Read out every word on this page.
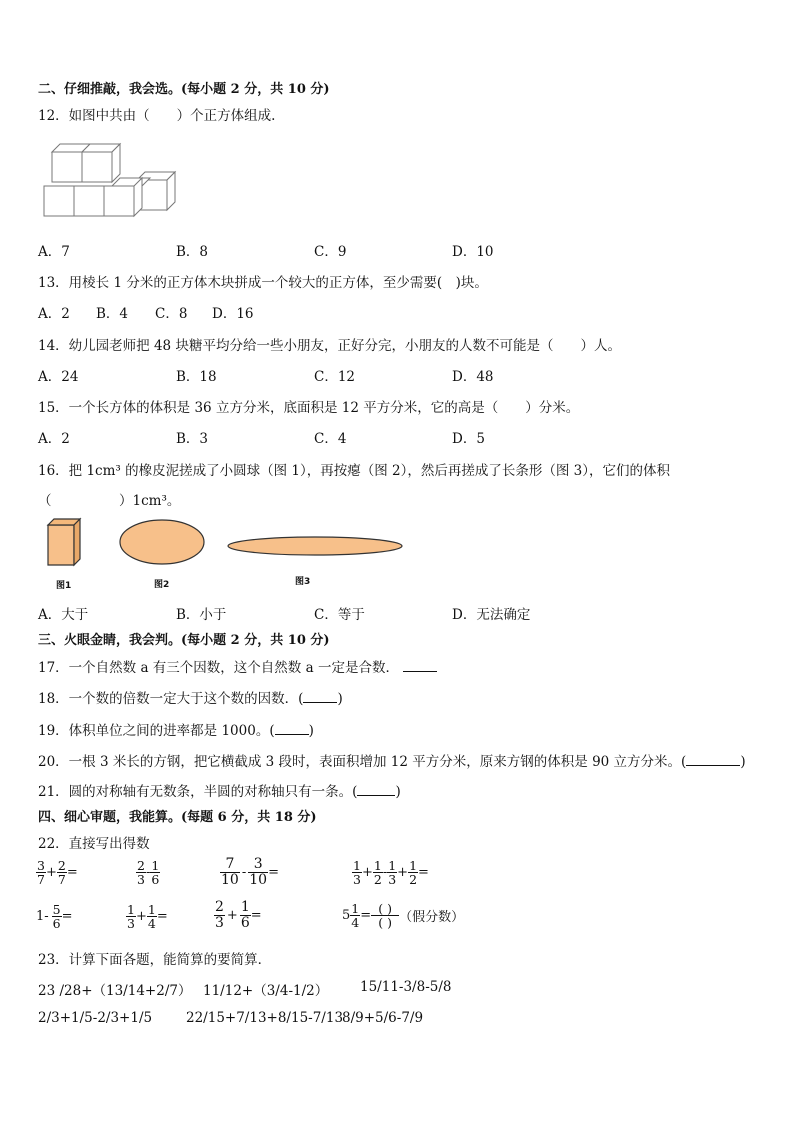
二、仔细推敲，我会选。(每小题 2 分，共 10 分)
12．如图中共由（　　）个正方体组成.
A．7	B．8	C．9	D．10
13．用棱长 1 分米的正方体木块拼成一个较大的正方体，至少需要(　)块。
A．2 B．4 C．8 D．16
14．幼儿园老师把 48 块糖平均分给一些小朋友，正好分完，小朋友的人数不可能是（　　）人。
A．24	B．18	C．12	D．48
15．一个长方体的体积是 36 立方分米，底面积是 12 平方分米，它的高是（　　）分米。
A．2	B．3	C．4	D．5
16．把 1cm³ 的橡皮泥搓成了小圆球（图 1），再按瘪（图 2），然后再搓成了长条形（图 3），它们的体积
（　　　　　）1cm³。
图1	图2	图3
A．大于	B．小于	C．等于	D．无法确定
三、火眼金睛，我会判。(每小题 2 分，共 10 分)
17．一个自然数 a 有三个因数，这个自然数 a 一定是合数．
18．一个数的倍数一定大于这个数的因数．(	)
19．体积单位之间的进率都是 1000。(	)
20．一根 3 米长的方钢，把它横截成 3 段时，表面积增加 12 平方分米，原来方钢的体积是 90 立方分米。(	)
21．圆的对称轴有无数条，半圆的对称轴只有一条。(	)
四、细心审题，我能算。(每题 6 分，共 18 分)
22．直接写出得数
$\frac{3}{7} + \frac{2}{7}$ =	$\frac{2}{3} - \frac{1}{6}$	$\frac{7}{10} - \frac{3}{10}$ =	$\frac{1}{3} + \frac{1}{2} - \frac{1}{3} + \frac{1}{2}$ =
$1- \frac{5}{6}$ =	$\frac{1}{3} + \frac{1}{4}$ =	$\frac{2}{3} + \frac{1}{6}$ =	$5 \frac{1}{4} = \frac{( )}{( )}$ （假分数）
23．计算下面各题，能简算的要简算．
23 /28+（13/14+2/7） 11/12+（3/4-1/2） 15/11-3/8-5/8
2/3+1/5-2/3+1/5	22/15+7/13+8/15-7/13
8/9+5/6-7/9
